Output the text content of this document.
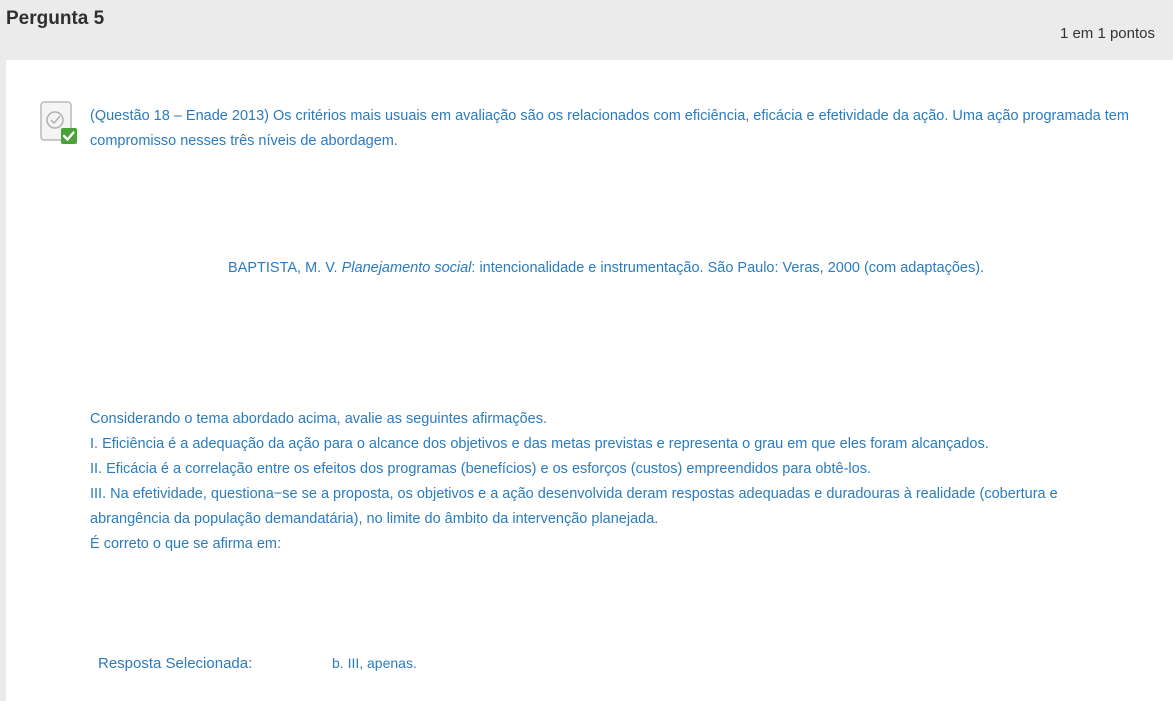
Pergunta 5
1 em 1 pontos
(Questão 18 – Enade 2013) Os critérios mais usuais em avaliação são os relacionados com eficiência, eficácia e efetividade da ação. Uma ação programada tem compromisso nesses três níveis de abordagem.
BAPTISTA, M. V. Planejamento social: intencionalidade e instrumentação. São Paulo: Veras, 2000 (com adaptações).

Considerando o tema abordado acima, avalie as seguintes afirmações.

I. Eficiência é a adequação da ação para o alcance dos objetivos e das metas previstas e representa o grau em que eles foram alcançados.

II. Eficácia é a correlação entre os efeitos dos programas (benefícios) e os esforços (custos) empreendidos para obtê-los.

III. Na efetividade, questiona−se se a proposta, os objetivos e a ação desenvolvida deram respostas adequadas e duradouras à realidade (cobertura e abrangência da população demandatária), no limite do âmbito da intervenção planejada.

É correto o que se afirma em:

Resposta Selecionada:	b. III, apenas.
